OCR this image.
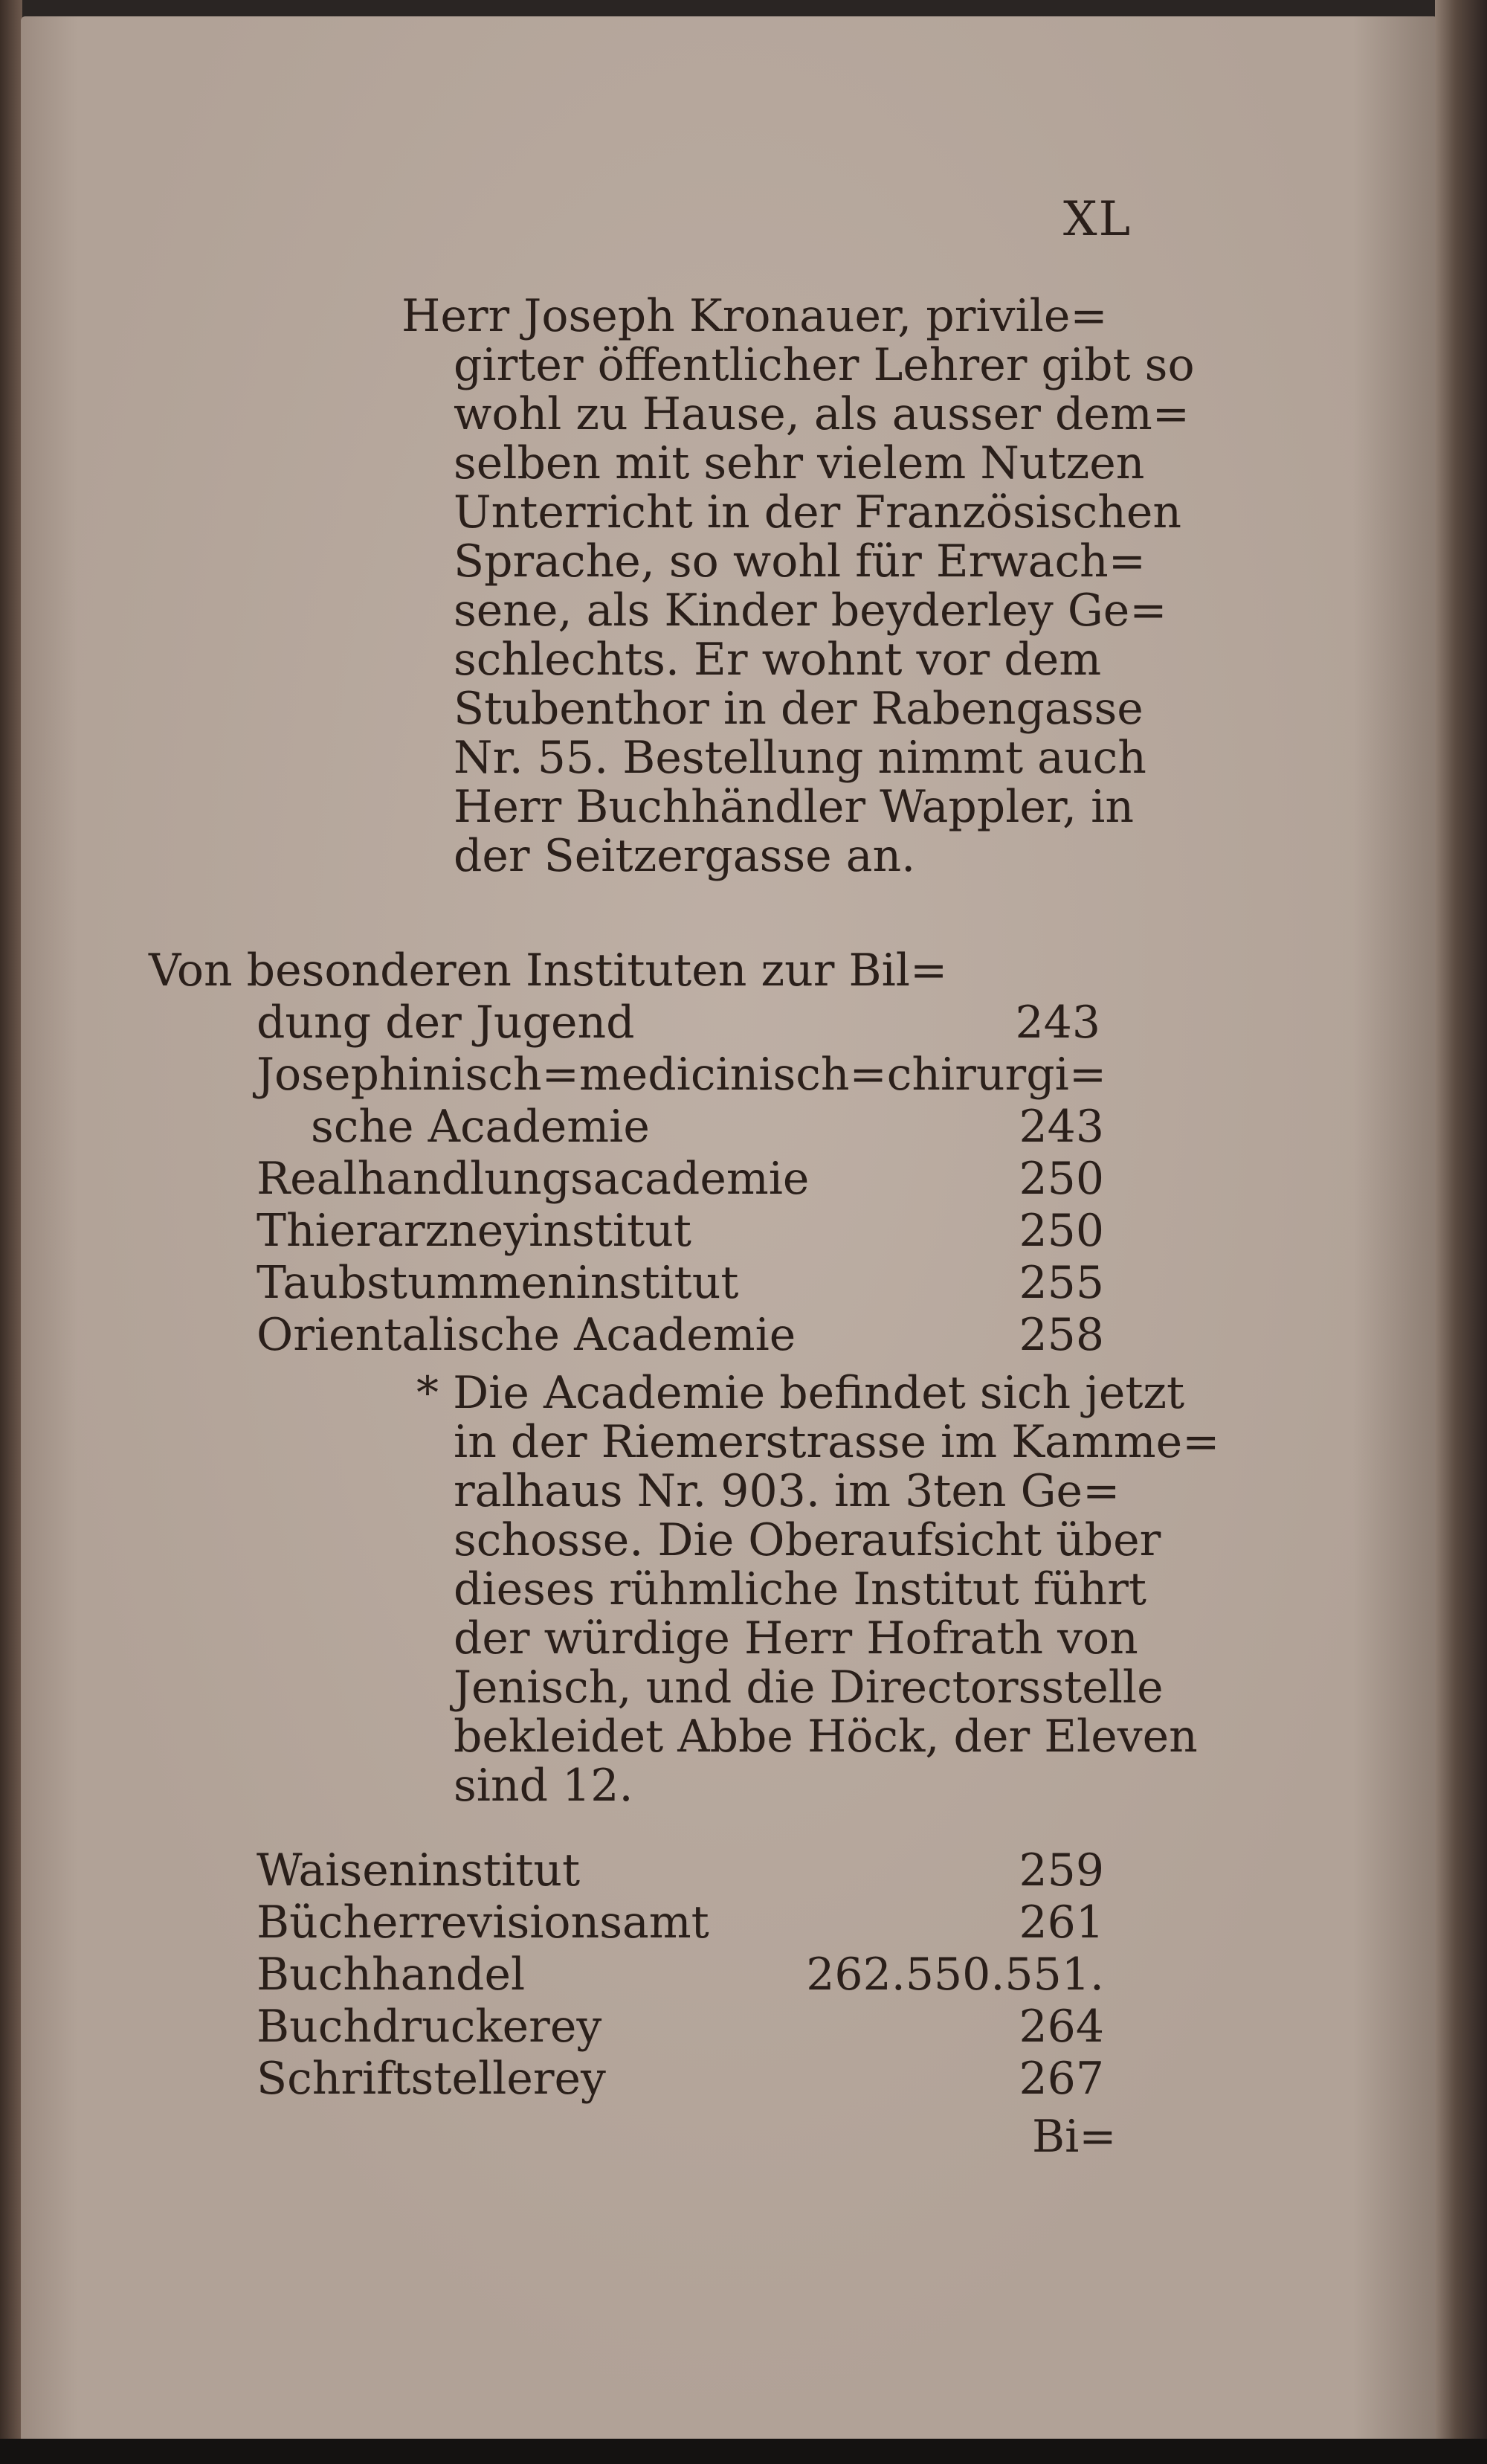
XL
Herr Joseph Kronauer, privile=
girter öffentlicher Lehrer gibt so
wohl zu Hause, als ausser dem=
selben mit sehr vielem Nutzen
Unterricht in der Französischen
Sprache, so wohl für Erwach=
sene, als Kinder beyderley Ge=
schlechts. Er wohnt vor dem
Stubenthor in der Rabengasse
Nr. 55. Bestellung nimmt auch
Herr Buchhändler Wappler, in
der Seitzergasse an.
Von besonderen Instituten zur Bil=
dung der Jugend	243
Josephinisch=medicinisch=chirurgi=
sche Academie	243
Realhandlungsacademie	250
Thierarzneyinstitut	250
Taubstummeninstitut	255
Orientalische Academie	258
* Die Academie befindet sich jetzt
in der Riemerstrasse im Kamme=
ralhaus Nr. 903. im 3ten Ge=
schosse. Die Oberaufsicht über
dieses rühmliche Institut führt
der würdige Herr Hofrath von
Jenisch, und die Directorsstelle
bekleidet Abbe Höck, der Eleven
sind 12.
Waiseninstitut	259
Bücherrevisionsamt	261
Buchhandel	262.550.551.
Buchdruckerey	264
Schriftstellerey	267
Bi=
